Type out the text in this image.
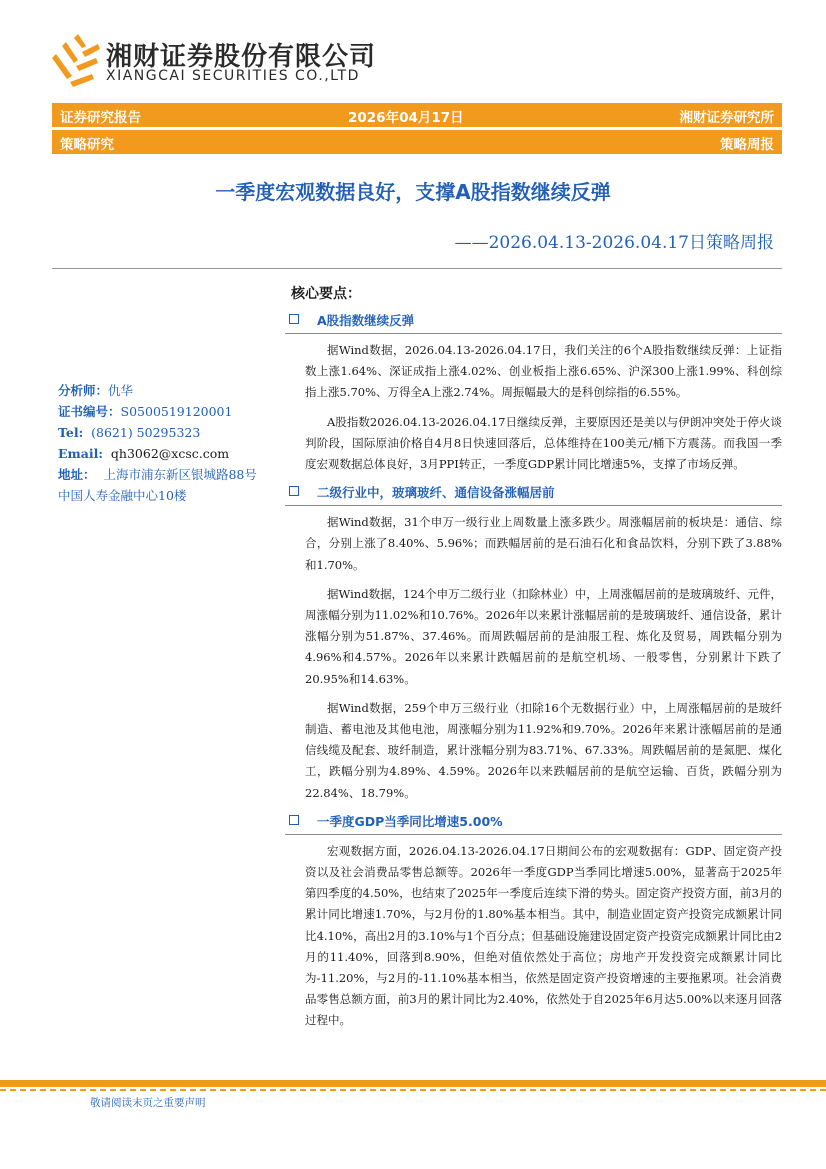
湘财证券股份有限公司
XIANGCAI SECURITIES CO.,LTD
证券研究报告	2026年04月17日	湘财证券研究所
策略研究	策略周报
一季度宏观数据良好，支撑A股指数继续反弹
——2026.04.13-2026.04.17日策略周报
分析师：仇华
证书编号：S0500519120001
Tel: (8621) 50295323
Email: qh3062@xcsc.com
地址： 上海市浦东新区银城路88号
中国人寿金融中心10楼
核心要点：
A股指数继续反弹

据Wind数据，2026.04.13-2026.04.17日，我们关注的6个A股指数继续反弹：上证指数上涨1.64%、深证成指上涨4.02%、创业板指上涨6.65%、沪深300上涨1.99%、科创综指上涨5.70%、万得全A上涨2.74%。周振幅最大的是科创综指的6.55%。

A股指数2026.04.13-2026.04.17日继续反弹，主要原因还是美以与伊朗冲突处于停火谈判阶段，国际原油价格自4月8日快速回落后，总体维持在100美元/桶下方震荡。而我国一季度宏观数据总体良好，3月PPI转正，一季度GDP累计同比增速5%，支撑了市场反弹。

二级行业中，玻璃玻纤、通信设备涨幅居前

据Wind数据，31个申万一级行业上周数量上涨多跌少。周涨幅居前的板块是：通信、综合，分别上涨了8.40%、5.96%；而跌幅居前的是石油石化和食品饮料，分别下跌了3.88%和1.70%。

据Wind数据，124个申万二级行业（扣除林业）中，上周涨幅居前的是玻璃玻纤、元件，周涨幅分别为11.02%和10.76%。2026年以来累计涨幅居前的是玻璃玻纤、通信设备，累计涨幅分别为51.87%、37.46%。而周跌幅居前的是油服工程、炼化及贸易，周跌幅分别为4.96%和4.57%。2026年以来累计跌幅居前的是航空机场、一般零售，分别累计下跌了20.95%和14.63%。

据Wind数据，259个申万三级行业（扣除16个无数据行业）中，上周涨幅居前的是玻纤制造、蓄电池及其他电池，周涨幅分别为11.92%和9.70%。2026年来累计涨幅居前的是通信线缆及配套、玻纤制造，累计涨幅分别为83.71%、67.33%。周跌幅居前的是氮肥、煤化工，跌幅分别为4.89%、4.59%。2026年以来跌幅居前的是航空运输、百货，跌幅分别为22.84%、18.79%。

一季度GDP当季同比增速5.00%

宏观数据方面，2026.04.13-2026.04.17日期间公布的宏观数据有：GDP、固定资产投资以及社会消费品零售总额等。2026年一季度GDP当季同比增速5.00%，显著高于2025年第四季度的4.50%，也结束了2025年一季度后连续下滑的势头。固定资产投资方面，前3月的累计同比增速1.70%，与2月份的1.80%基本相当。其中，制造业固定资产投资完成额累计同比4.10%，高出2月的3.10%与1个百分点；但基础设施建设固定资产投资完成额累计同比由2月的11.40%，回落到8.90%，但绝对值依然处于高位；房地产开发投资完成额累计同比为-11.20%，与2月的-11.10%基本相当，依然是固定资产投资增速的主要拖累项。社会消费品零售总额方面，前3月的累计同比为2.40%，依然处于自2025年6月达5.00%以来逐月回落过程中。

敬请阅读末页之重要声明
